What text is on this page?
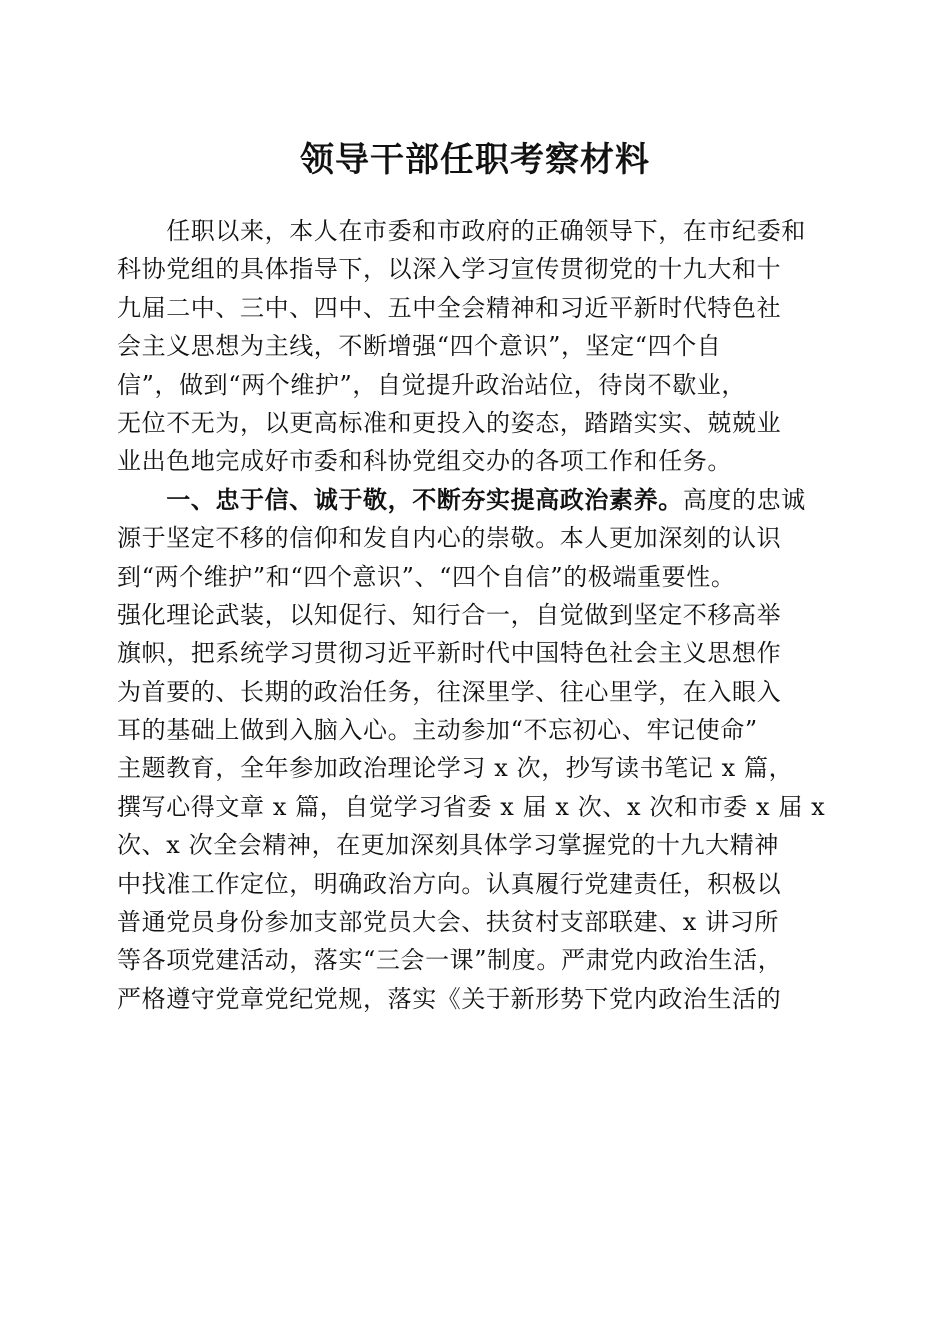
领导干部任职考察材料
　　任职以来，本人在市委和市政府的正确领导下，在市纪委和
科协党组的具体指导下，以深入学习宣传贯彻党的十九大和十
九届二中、三中、四中、五中全会精神和习近平新时代特色社
会主义思想为主线，不断增强“四个意识”，坚定“四个自
信”，做到“两个维护”，自觉提升政治站位，待岗不歇业，
无位不无为，以更高标准和更投入的姿态，踏踏实实、兢兢业
业出色地完成好市委和科协党组交办的各项工作和任务。
　　一、忠于信、诚于敬，不断夯实提高政治素养。高度的忠诚
源于坚定不移的信仰和发自内心的崇敬。本人更加深刻的认识
到“两个维护”和“四个意识”、“四个自信”的极端重要性。
强化理论武装，以知促行、知行合一，自觉做到坚定不移高举
旗帜，把系统学习贯彻习近平新时代中国特色社会主义思想作
为首要的、长期的政治任务，往深里学、往心里学，在入眼入
耳的基础上做到入脑入心。主动参加“不忘初心、牢记使命”
主题教育，全年参加政治理论学习 x 次，抄写读书笔记 x 篇，
撰写心得文章 x 篇，自觉学习省委 x 届 x 次、x 次和市委 x 届 x
次、x 次全会精神，在更加深刻具体学习掌握党的十九大精神
中找准工作定位，明确政治方向。认真履行党建责任，积极以
普通党员身份参加支部党员大会、扶贫村支部联建、x 讲习所
等各项党建活动，落实“三会一课”制度。严肃党内政治生活，
严格遵守党章党纪党规，落实《关于新形势下党内政治生活的
